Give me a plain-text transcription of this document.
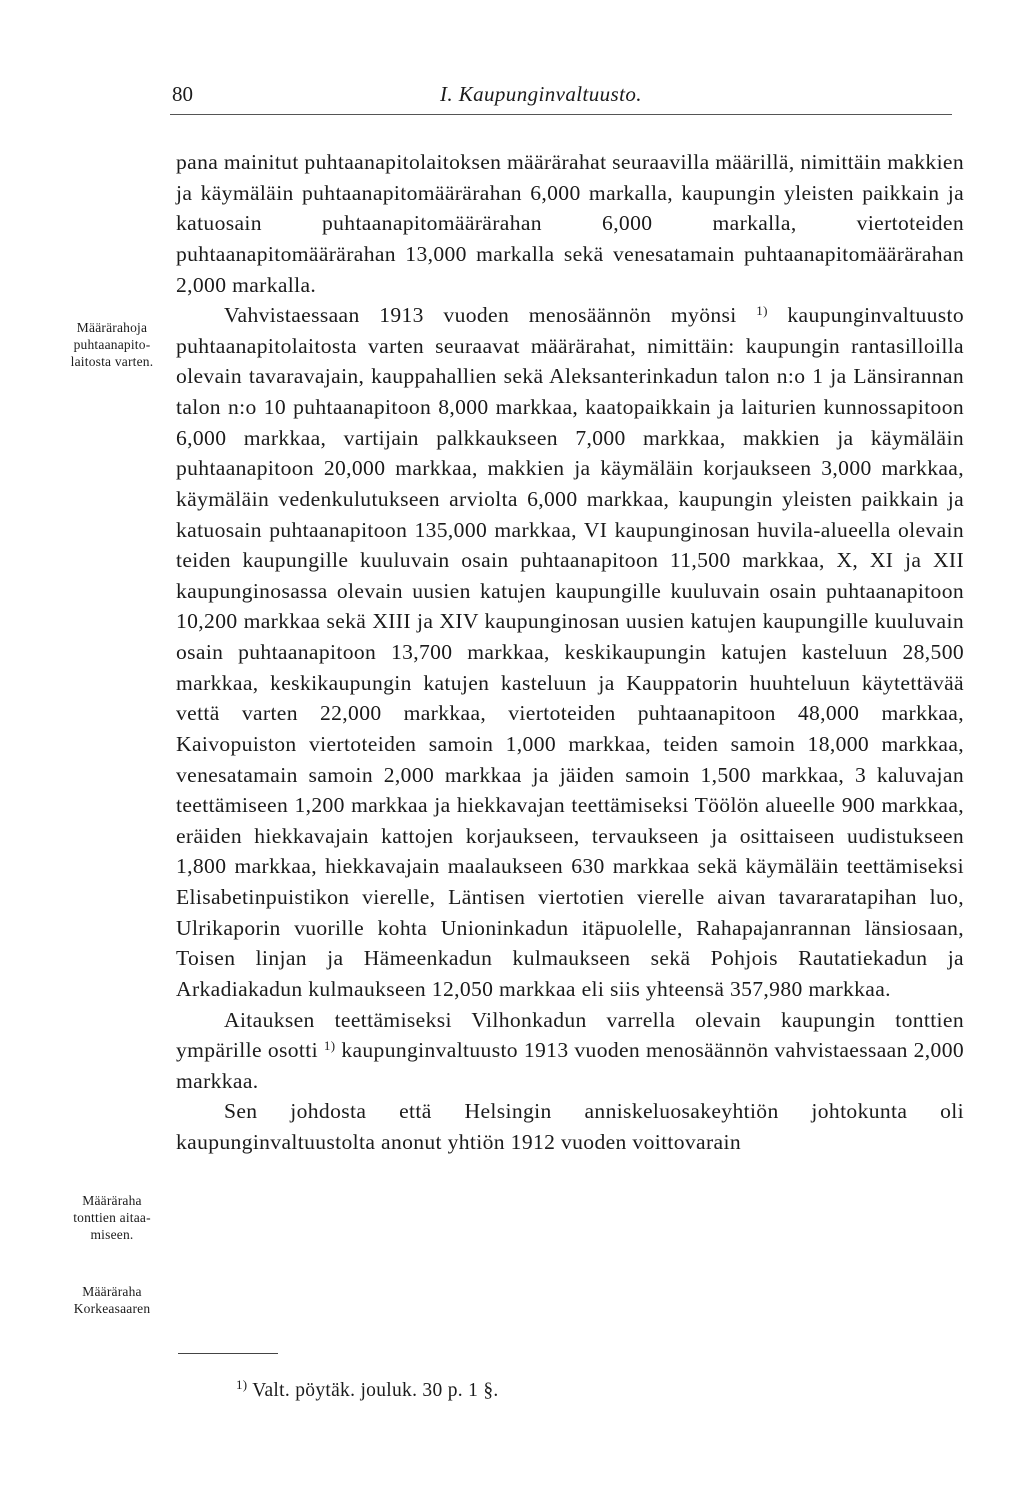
80	I. Kaupunginvaltuusto.
Määrärahoja
puhtaanapito-
laitosta varten.
Määräraha
tonttien aitaa-
miseen.
Määräraha
Korkeasaaren

pana mainitut puhtaanapitolaitoksen määrärahat seuraavilla määrillä, nimittäin makkien ja käymäläin puhtaanapitomäärärahan 6,000 markalla, kaupungin yleisten paikkain ja katuosain puhtaanapitomäärärahan 6,000 markalla, viertoteiden puhtaanapitomäärärahan 13,000 markalla sekä venesatamain puhtaanapitomäärärahan 2,000 markalla.

Vahvistaessaan 1913 vuoden menosäännön myönsi $^{1)}$ kaupunginvaltuusto puhtaanapitolaitosta varten seuraavat määrärahat, nimittäin: kaupungin rantasilloilla olevain tavaravajain, kauppahallien sekä Aleksanterinkadun talon n:o 1 ja Länsirannan talon n:o 10 puhtaanapitoon 8,000 markkaa, kaatopaikkain ja laiturien kunnossapitoon 6,000 markkaa, vartijain palkkaukseen 7,000 markkaa, makkien ja käymäläin puhtaanapitoon 20,000 markkaa, makkien ja käymäläin korjaukseen 3,000 markkaa, käymäläin vedenkulutukseen arviolta 6,000 markkaa, kaupungin yleisten paikkain ja katuosain puhtaanapitoon 135,000 markkaa, VI kaupunginosan huvila-alueella olevain teiden kaupungille kuuluvain osain puhtaanapitoon 11,500 markkaa, X, XI ja XII kaupunginosassa olevain uusien katujen kaupungille kuuluvain osain puhtaanapitoon 10,200 markkaa sekä XIII ja XIV kaupunginosan uusien katujen kaupungille kuuluvain osain puhtaanapitoon 13,700 markkaa, keskikaupungin katujen kasteluun 28,500 markkaa, keskikaupungin katujen kasteluun ja Kauppatorin huuhteluun käytettävää vettä varten 22,000 markkaa, viertoteiden puhtaanapitoon 48,000 markkaa, Kaivopuiston viertoteiden samoin 1,000 markkaa, teiden samoin 18,000 markkaa, venesatamain samoin 2,000 markkaa ja jäiden samoin 1,500 markkaa, 3 kaluvajan teettämiseen 1,200 markkaa ja hiekkavajan teettämiseksi Töölön alueelle 900 markkaa, eräiden hiekkavajain kattojen korjaukseen, tervaukseen ja osittaiseen uudistukseen 1,800 markkaa, hiekkavajain maalaukseen 630 markkaa sekä käymäläin teettämiseksi Elisabetinpuistikon vierelle, Läntisen viertotien vierelle aivan tavararatapihan luo, Ulrikaporin vuorille kohta Unioninkadun itäpuolelle, Rahapajanrannan länsiosaan, Toisen linjan ja Hämeenkadun kulmaukseen sekä Pohjois Rautatiekadun ja Arkadiakadun kulmaukseen 12,050 markkaa eli siis yhteensä 357,980 markkaa.

Aitauksen teettämiseksi Vilhonkadun varrella olevain kaupungin tonttien ympärille osotti $^{1)}$ kaupunginvaltuusto 1913 vuoden menosäännön vahvistaessaan 2,000 markkaa.

Sen johdosta että Helsingin anniskeluosakeyhtiön johtokunta oli kaupunginvaltuustolta anonut yhtiön 1912 vuoden voittovarain

$^{1)}$ Valt. pöytäk. jouluk. 30 p. 1 §.
